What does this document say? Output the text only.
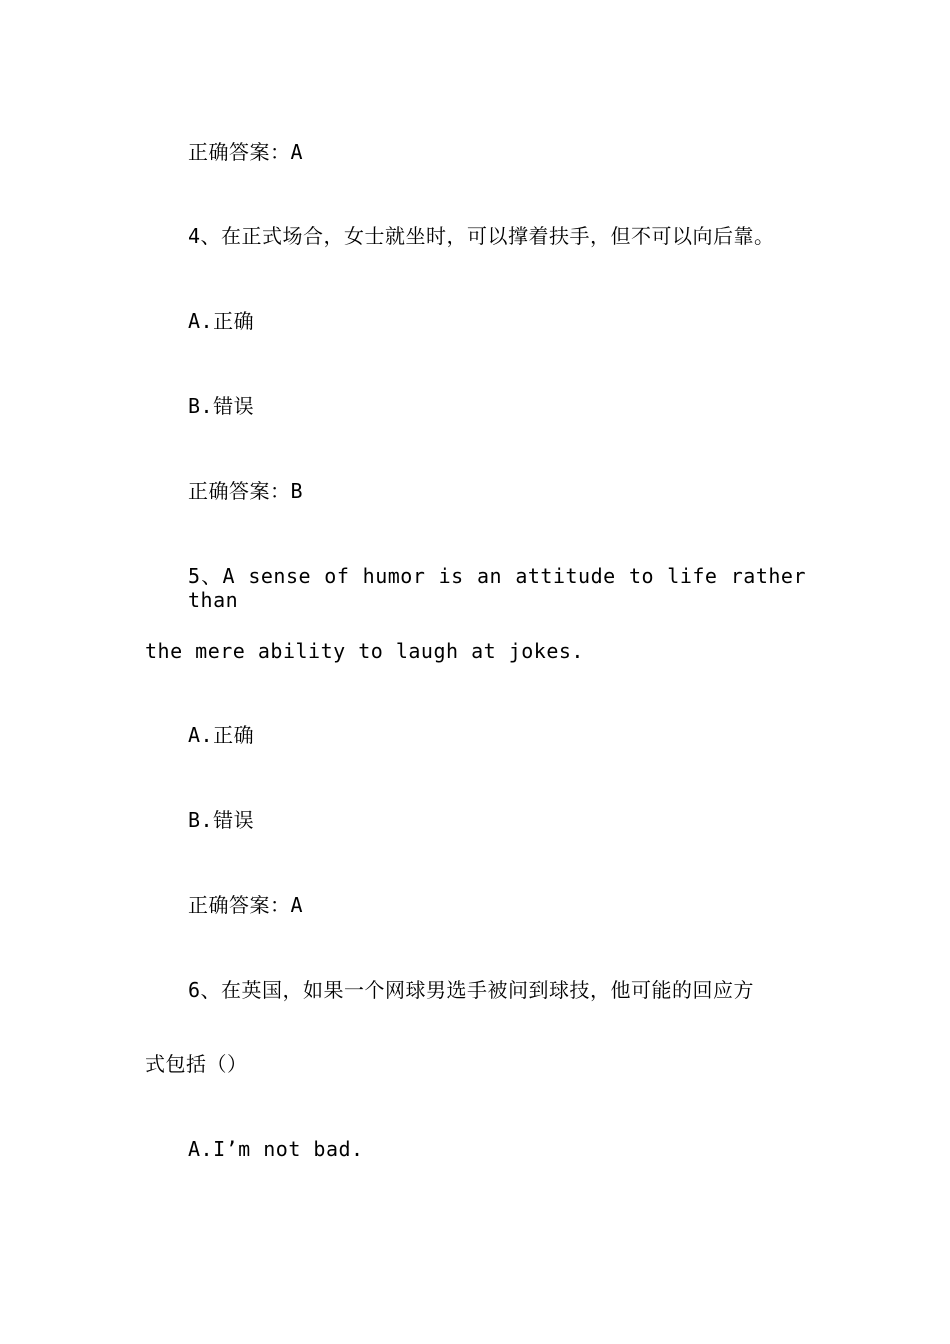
正确答案：A
4、在正式场合，女士就坐时，可以撑着扶手，但不可以向后靠。
A.正确
B.错误
正确答案：B
5、A sense of humor is an attitude to life rather than
the mere ability to laugh at jokes.
A.正确
B.错误
正确答案：A
6、在英国，如果一个网球男选手被问到球技，他可能的回应方
式包括（）
A.I’m not bad.
